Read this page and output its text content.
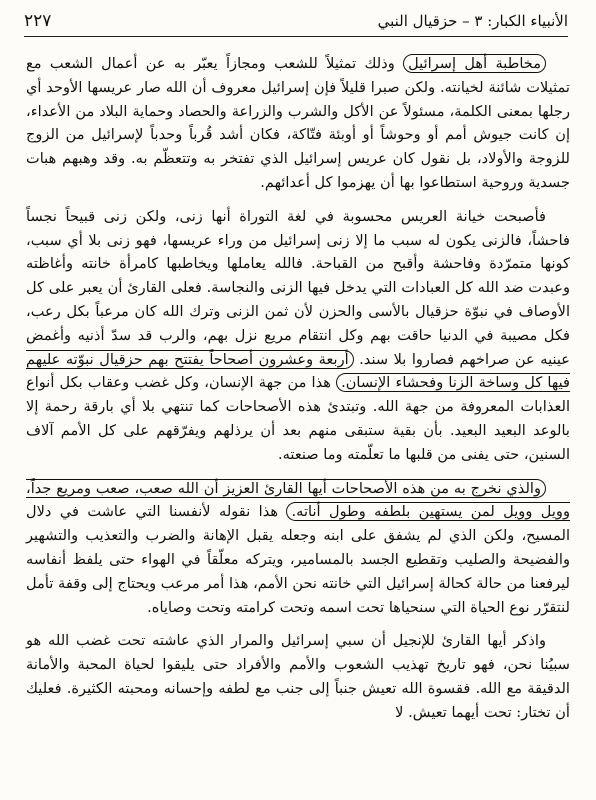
الأنبياء الكبار: ٣ – حزقيال النبي
٢٢٧

مخاطبة أهل إسرائيل وذلك تمثيلاً للشعب ومجازاً يعبّر به عن أعمال الشعب مع تمثيلات شائنة لخيانته. ولكن صبرا قليلاً فإن إسرائيل معروف أن الله صار عريسها الأوحد أي رجلها بمعنى الكلمة، مسئولاً عن الأكل والشرب والزراعة والحصاد وحماية البلاد من الأعداء، إن كانت جيوش أمم أو وحوشاً أو أوبئة فتّاكة، فكان أشد قُرباً وحدباً لإسرائيل من الزوج للزوجة والأولاد، بل نقول كان عريس إسرائيل الذي تفتخر به وتتعظّم به. وقد وهبهم هبات جسدية وروحية استطاعوا بها أن يهزموا كل أعدائهم.

فأصبحت خيانة العريس محسوبة في لغة التوراة أنها زنى، ولكن زنى قبيحاً نجساً فاحشاً، فالزنى يكون له سبب ما إلا زنى إسرائيل من وراء عريسها، فهو زنى بلا أي سبب، كونها متمرّدة وفاحشة وأقبح من القباحة. فالله يعاملها ويخاطبها كامرأة خانته وأغاظته وعبدت ضد الله كل العبادات التي يدخل فيها الزنى والنجاسة. فعلى القارئ أن يعبر على كل الأوصاف في نبوّة حزقيال بالأسى والحزن لأن ثمن الزنى وترك الله كان مرعباً بكل رعب، فكل مصيبة في الدنيا حاقت بهم وكل انتقام مريع نزل بهم، والرب قد سدّ أذنيه وأغمض عينيه عن صراخهم فصاروا بلا سند. أربعة وعشرون أصحاحاً يفتتح بهم حزقيال نبوّته عليهم فيها كل وساخة الزنا وفحشاء الإنسان. هذا من جهة الإنسان، وكل غضب وعقاب بكل أنواع العذابات المعروفة من جهة الله. وتبتدئ هذه الأصحاحات كما تنتهي بلا أي بارقة رحمة إلا بالوعد البعيد البعيد. بأن بقية ستبقى منهم بعد أن يرذلهم ويفرّقهم على كل الأمم آلاف السنين، حتى يفنى من قلبها ما تعلّمته وما صنعته.

والذي نخرج به من هذه الأصحاحات أيها القارئ العزيز أن الله صعب، صعب ومريع جداً، وويل وويل لمن يستهين بلطفه وطول أناته. هذا نقوله لأنفسنا التي عاشت في دلال المسيح، ولكن الذي لم يشفق على ابنه وجعله يقبل الإهانة والضرب والتعذيب والتشهير والفضيحة والصليب وتقطيع الجسد بالمسامير، ويتركه معلّقاً في الهواء حتى يلفظ أنفاسه ليرفعنا من حالة كحالة إسرائيل التي خانته نحن الأمم، هذا أمر مرعب ويحتاج إلى وقفة تأمل لنتقرّر نوع الحياة التي سنحياها تحت اسمه وتحت كرامته وتحت وصاياه.

واذكر أيها القارئ للإنجيل أن سبي إسرائيل والمرار الذي عاشته تحت غضب الله هو سبيُنا نحن، فهو تاريخ تهذيب الشعوب والأمم والأفراد حتى يليقوا لحياة المحبة والأمانة الدقيقة مع الله. فقسوة الله تعيش جنباً إلى جنب مع لطفه وإحسانه ومحبته الكثيرة. فعليك أن تختار: تحت أيهما تعيش. لا
